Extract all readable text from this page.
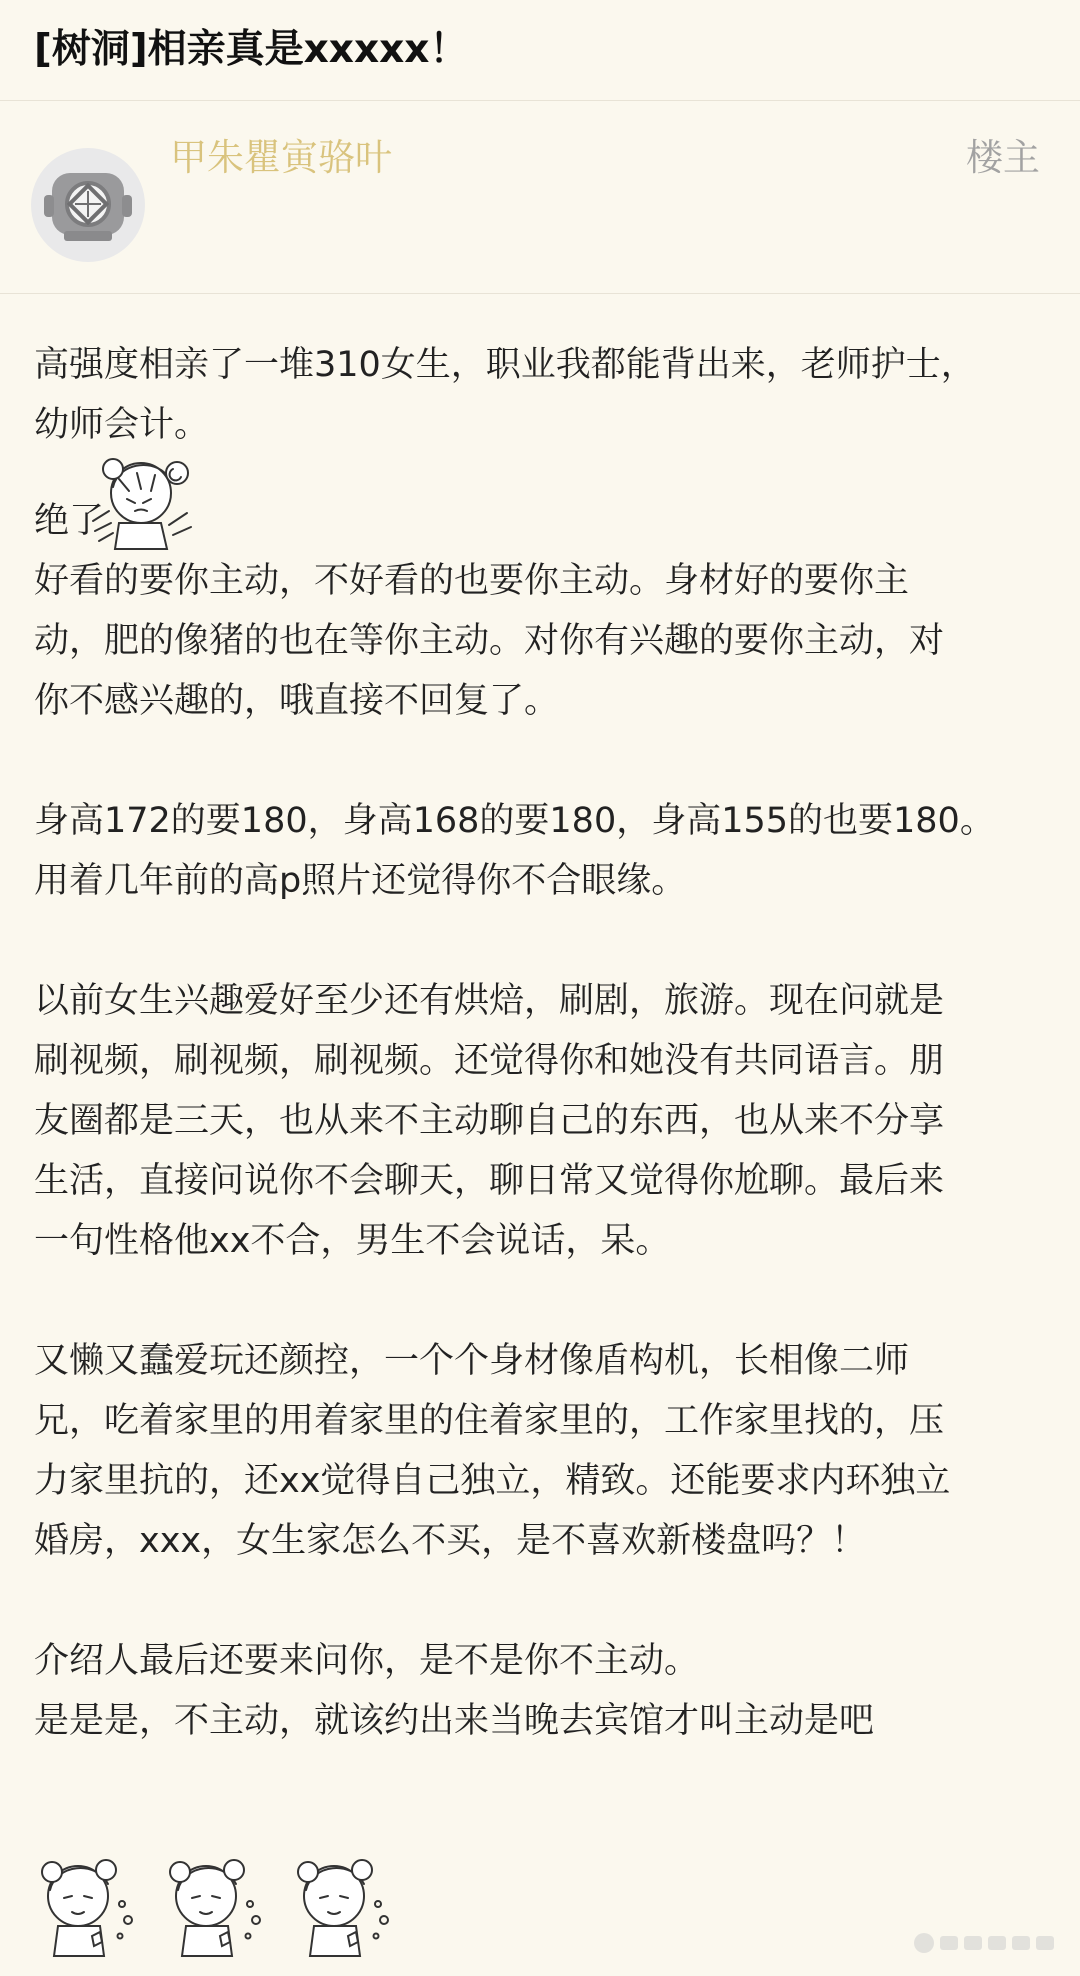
[树洞]相亲真是xxxxx！
甲朱瞿寅骆叶	楼主

高强度相亲了一堆310女生，职业我都能背出来，老师护士，

幼师会计。

绝了

好看的要你主动，不好看的也要你主动。身材好的要你主

动，肥的像猪的也在等你主动。对你有兴趣的要你主动，对

你不感兴趣的，哦直接不回复了。

身高172的要180，身高168的要180，身高155的也要180。

用着几年前的高p照片还觉得你不合眼缘。

以前女生兴趣爱好至少还有烘焙，刷剧，旅游。现在问就是

刷视频，刷视频，刷视频。还觉得你和她没有共同语言。朋

友圈都是三天，也从来不主动聊自己的东西，也从来不分享

生活，直接问说你不会聊天，聊日常又觉得你尬聊。最后来

一句性格他xx不合，男生不会说话，呆。

又懒又蠢爱玩还颜控，一个个身材像盾构机，长相像二师

兄，吃着家里的用着家里的住着家里的，工作家里找的，压

力家里抗的，还xx觉得自己独立，精致。还能要求内环独立

婚房，xxx，女生家怎么不买，是不喜欢新楼盘吗？！

介绍人最后还要来问你，是不是你不主动。

是是是，不主动，就该约出来当晚去宾馆才叫主动是吧
